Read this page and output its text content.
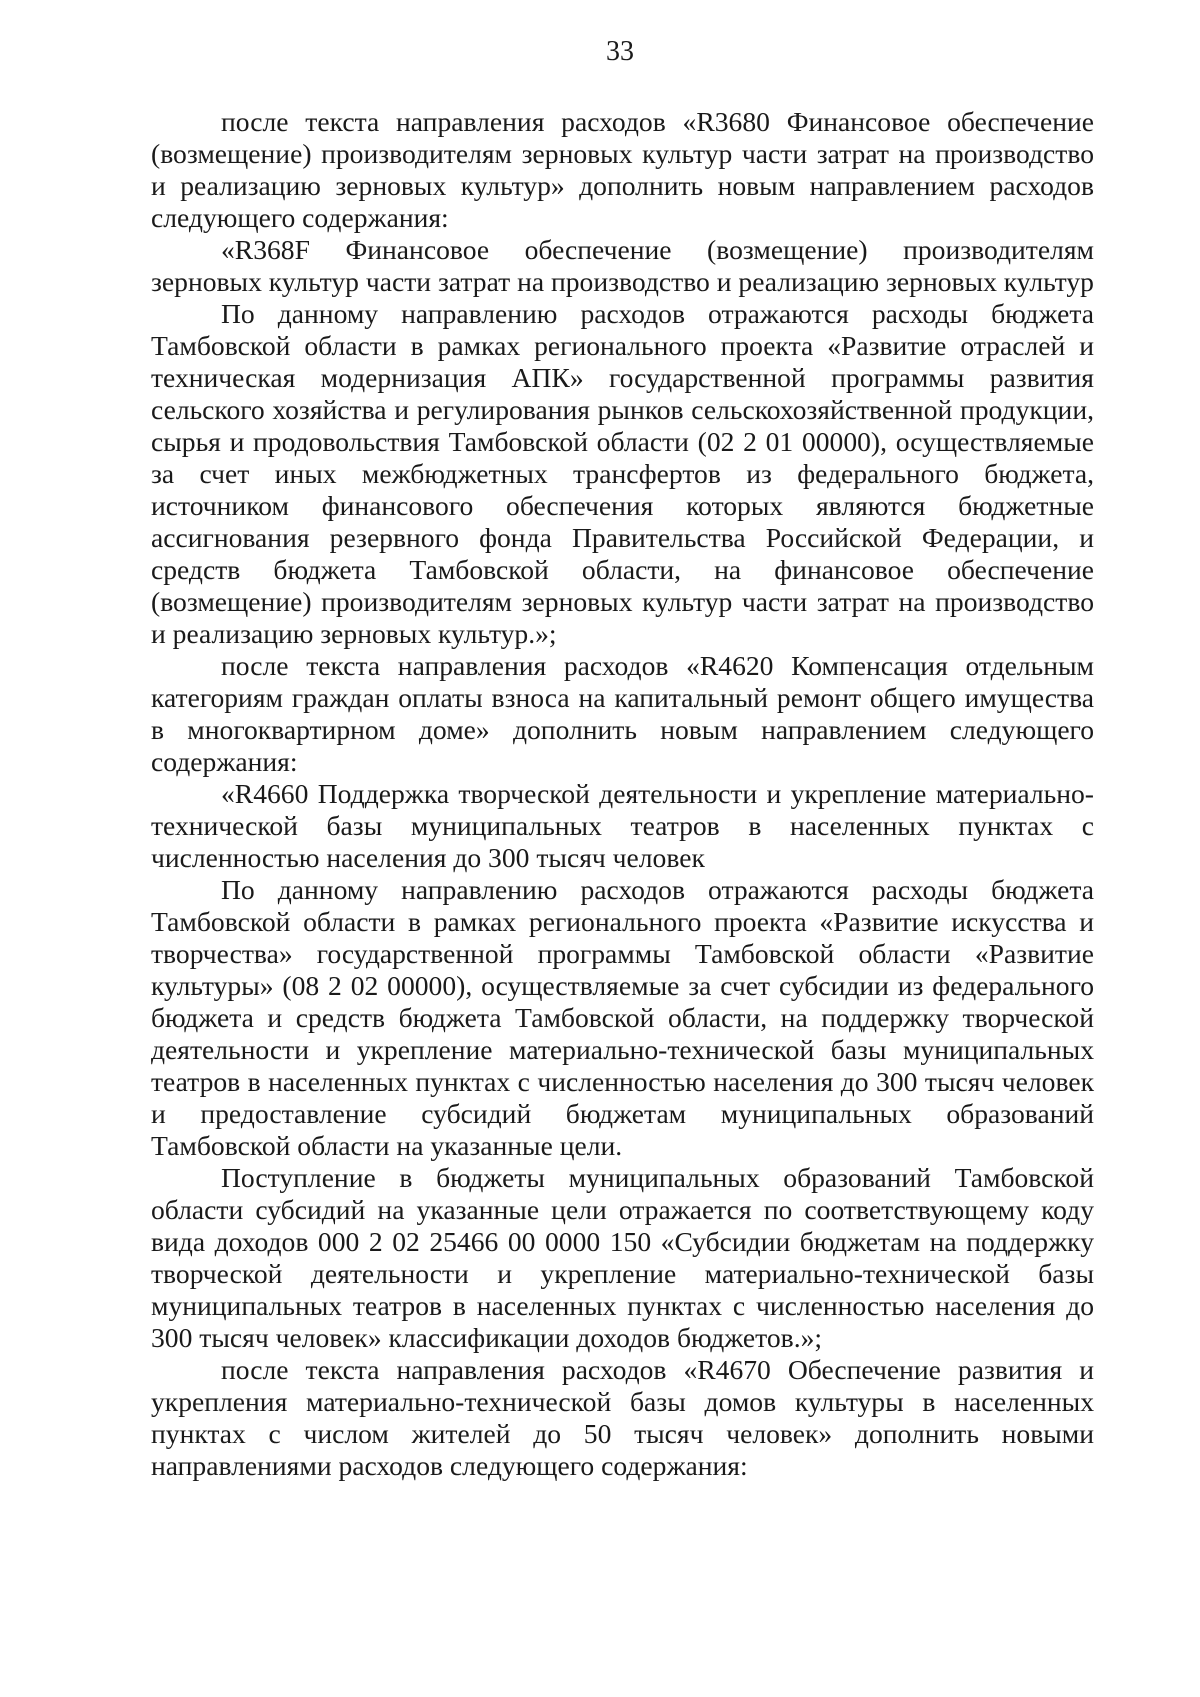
33

после текста направления расходов «R3680 Финансовое обеспечение (возмещение) производителям зерновых культур части затрат на производство и реализацию зерновых культур» дополнить новым направлением расходов следующего содержания:

«R368F Финансовое обеспечение (возмещение) производителям зерновых культур части затрат на производство и реализацию зерновых культур

По данному направлению расходов отражаются расходы бюджета Тамбовской области в рамках регионального проекта «Развитие отраслей и техническая модернизация АПК» государственной программы развития сельского хозяйства и регулирования рынков сельскохозяйственной продукции, сырья и продовольствия Тамбовской области (02 2 01 00000), осуществляемые за счет иных межбюджетных трансфертов из федерального бюджета, источником финансового обеспечения которых являются бюджетные ассигнования резервного фонда Правительства Российской Федерации, и средств бюджета Тамбовской области, на финансовое обеспечение (возмещение) производителям зерновых культур части затрат на производство и реализацию зерновых культур.»;

после текста направления расходов «R4620 Компенсация отдельным категориям граждан оплаты взноса на капитальный ремонт общего имущества в многоквартирном доме» дополнить новым направлением следующего содержания:

«R4660 Поддержка творческой деятельности и укрепление материально-технической базы муниципальных театров в населенных пунктах с численностью населения до 300 тысяч человек

По данному направлению расходов отражаются расходы бюджета Тамбовской области в рамках регионального проекта «Развитие искусства и творчества» государственной программы Тамбовской области «Развитие культуры» (08 2 02 00000), осуществляемые за счет субсидии из федерального бюджета и средств бюджета Тамбовской области, на поддержку творческой деятельности и укрепление материально-технической базы муниципальных театров в населенных пунктах с численностью населения до 300 тысяч человек и предоставление субсидий бюджетам муниципальных образований Тамбовской области на указанные цели.

Поступление в бюджеты муниципальных образований Тамбовской области субсидий на указанные цели отражается по соответствующему коду вида доходов 000 2 02 25466 00 0000 150 «Субсидии бюджетам на поддержку творческой деятельности и укрепление материально-технической базы муниципальных театров в населенных пунктах с численностью населения до 300 тысяч человек» классификации доходов бюджетов.»;

после текста направления расходов «R4670 Обеспечение развития и укрепления материально-технической базы домов культуры в населенных пунктах с числом жителей до 50 тысяч человек» дополнить новыми направлениями расходов следующего содержания:
